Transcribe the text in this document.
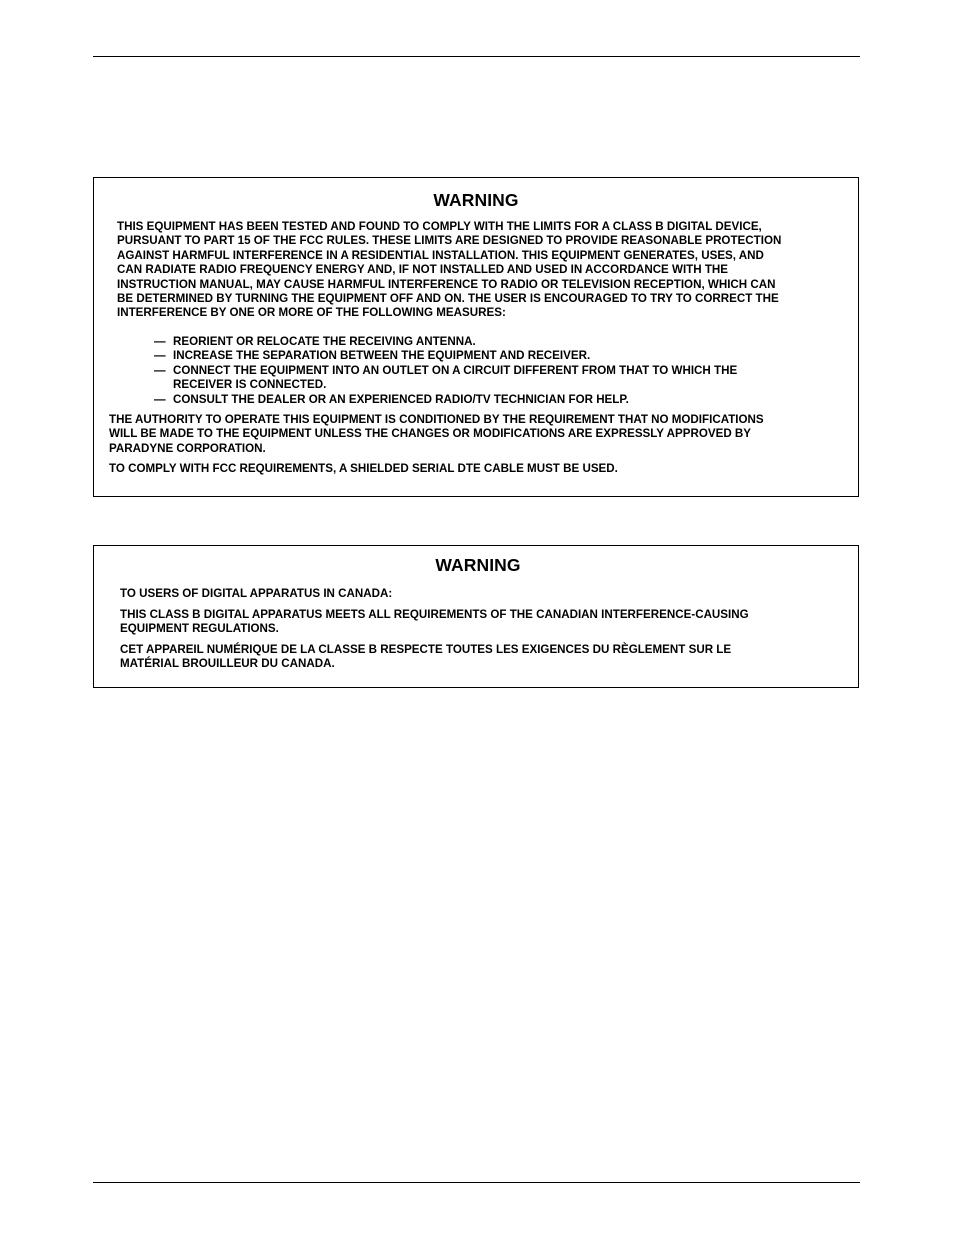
WARNING

THIS EQUIPMENT HAS BEEN TESTED AND FOUND TO COMPLY WITH THE LIMITS FOR A CLASS B DIGITAL DEVICE,
PURSUANT TO PART 15 OF THE FCC RULES. THESE LIMITS ARE DESIGNED TO PROVIDE REASONABLE PROTECTION
AGAINST HARMFUL INTERFERENCE IN A RESIDENTIAL INSTALLATION. THIS EQUIPMENT GENERATES, USES, AND
CAN RADIATE RADIO FREQUENCY ENERGY AND, IF NOT INSTALLED AND USED IN ACCORDANCE WITH THE
INSTRUCTION MANUAL, MAY CAUSE HARMFUL INTERFERENCE TO RADIO OR TELEVISION RECEPTION, WHICH CAN
BE DETERMINED BY TURNING THE EQUIPMENT OFF AND ON. THE USER IS ENCOURAGED TO TRY TO CORRECT THE
INTERFERENCE BY ONE OR MORE OF THE FOLLOWING MEASURES:

— REORIENT OR RELOCATE THE RECEIVING ANTENNA.
— INCREASE THE SEPARATION BETWEEN THE EQUIPMENT AND RECEIVER.
— CONNECT THE EQUIPMENT INTO AN OUTLET ON A CIRCUIT DIFFERENT FROM THAT TO WHICH THE
RECEIVER IS CONNECTED.
— CONSULT THE DEALER OR AN EXPERIENCED RADIO/TV TECHNICIAN FOR HELP.

THE AUTHORITY TO OPERATE THIS EQUIPMENT IS CONDITIONED BY THE REQUIREMENT THAT NO MODIFICATIONS
WILL BE MADE TO THE EQUIPMENT UNLESS THE CHANGES OR MODIFICATIONS ARE EXPRESSLY APPROVED BY
PARADYNE CORPORATION.

TO COMPLY WITH FCC REQUIREMENTS, A SHIELDED SERIAL DTE CABLE MUST BE USED.

WARNING

TO USERS OF DIGITAL APPARATUS IN CANADA:

THIS CLASS B DIGITAL APPARATUS MEETS ALL REQUIREMENTS OF THE CANADIAN INTERFERENCE-CAUSING
EQUIPMENT REGULATIONS.

CET APPAREIL NUMÉRIQUE DE LA CLASSE B RESPECTE TOUTES LES EXIGENCES DU RÈGLEMENT SUR LE
MATÉRIAL BROUILLEUR DU CANADA.
